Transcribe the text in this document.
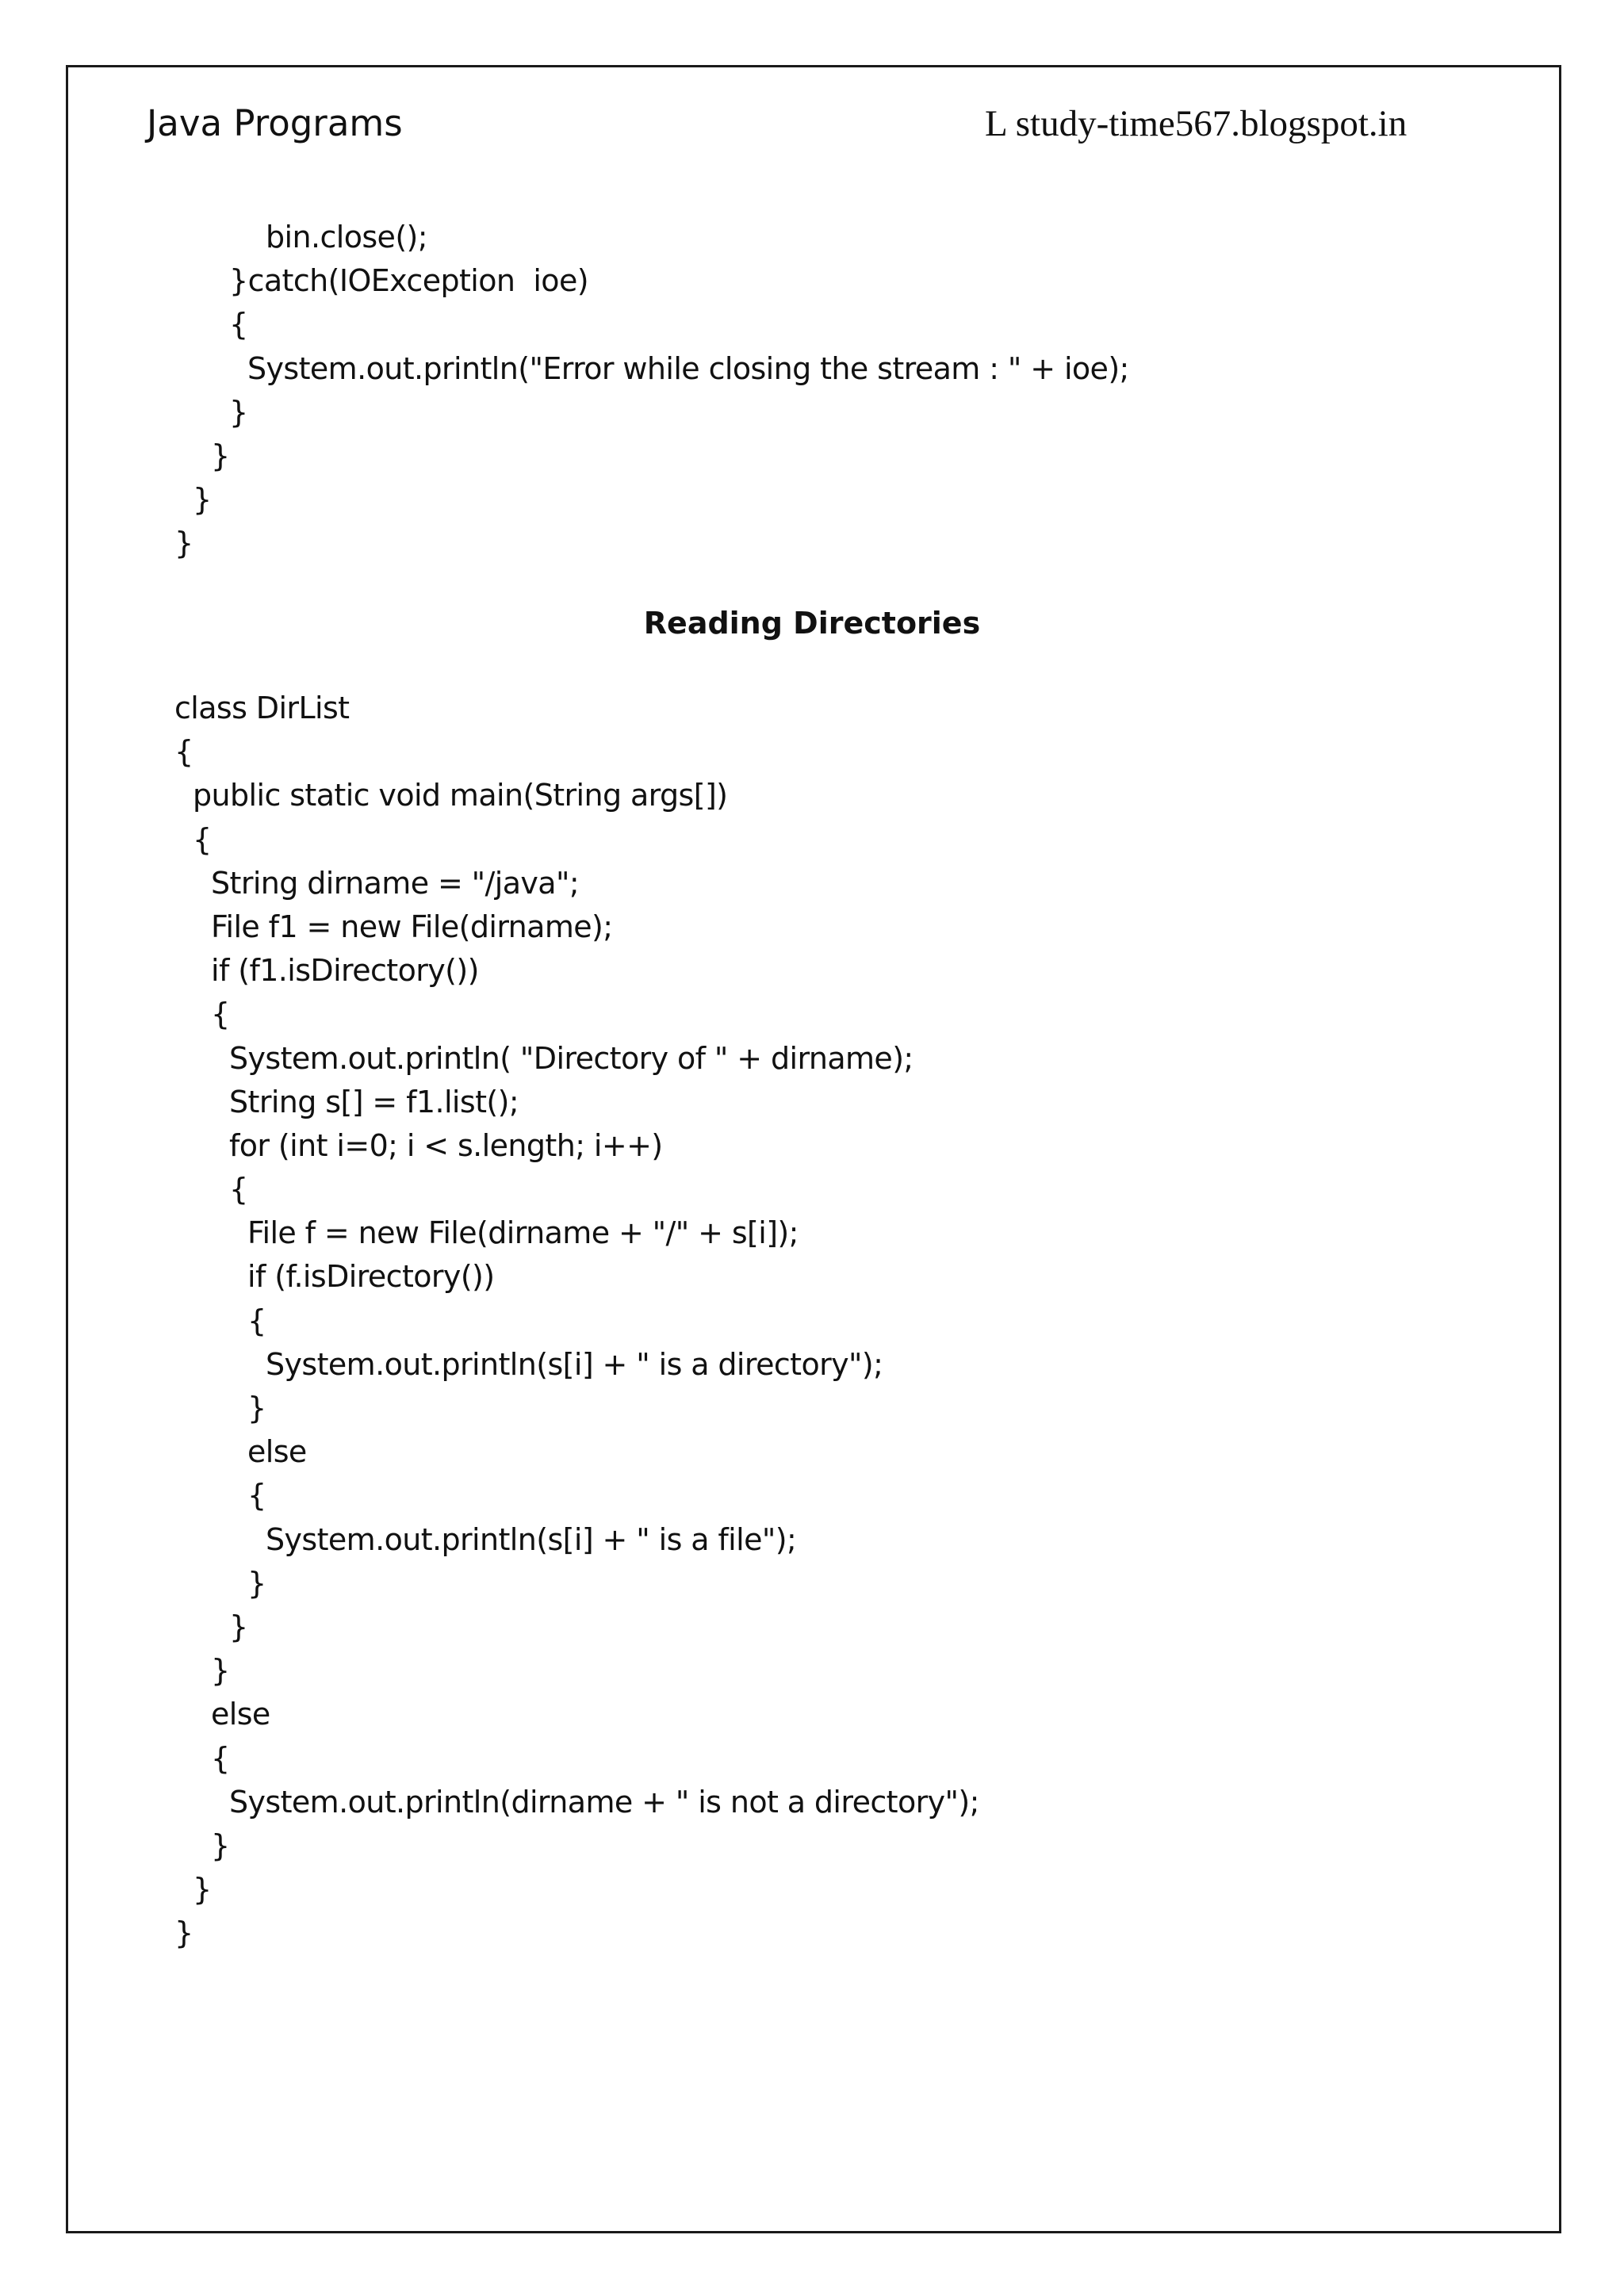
Java Programs	L study-time567.blogspot.in
bin.close();
}catch(IOException  ioe)
{
System.out.println("Error while closing the stream : " + ioe);
}
}
}
}
Reading Directories
class DirList
{
public static void main(String args[])
{
String dirname = "/java";
File f1 = new File(dirname);
if (f1.isDirectory())
{
System.out.println( "Directory of " + dirname);
String s[] = f1.list();
for (int i=0; i < s.length; i++)
{
File f = new File(dirname + "/" + s[i]);
if (f.isDirectory())
{
System.out.println(s[i] + " is a directory");
}
else
{
System.out.println(s[i] + " is a file");
}
}
}
else
{
System.out.println(dirname + " is not a directory");
}
}
}
